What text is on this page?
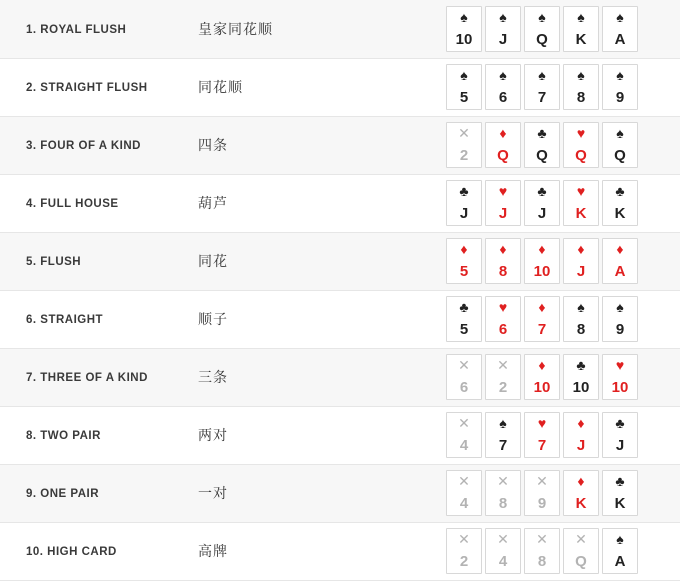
1. ROYAL FLUSH	皇家同花顺	
♠
10
♠
J
♠
Q
♠
K
♠
A

2. STRAIGHT FLUSH	同花顺	
♠
5
♠
6
♠
7
♠
8
♠
9

3. FOUR OF A KIND	四条	
✕
2
♦
Q
♣
Q
♥
Q
♠
Q

4. FULL HOUSE	葫芦	
♣
J
♥
J
♣
J
♥
K
♣
K

5. FLUSH	同花	
♦
5
♦
8
♦
10
♦
J
♦
A

6. STRAIGHT	顺子	
♣
5
♥
6
♦
7
♠
8
♠
9

7. THREE OF A KIND	三条	
✕
6
✕
2
♦
10
♣
10
♥
10

8. TWO PAIR	两对	
✕
4
♠
7
♥
7
♦
J
♣
J

9. ONE PAIR	一对	
✕
4
✕
8
✕
9
♦
K
♣
K

10. HIGH CARD	高牌	
✕
2
✕
4
✕
8
✕
Q
♠
A
